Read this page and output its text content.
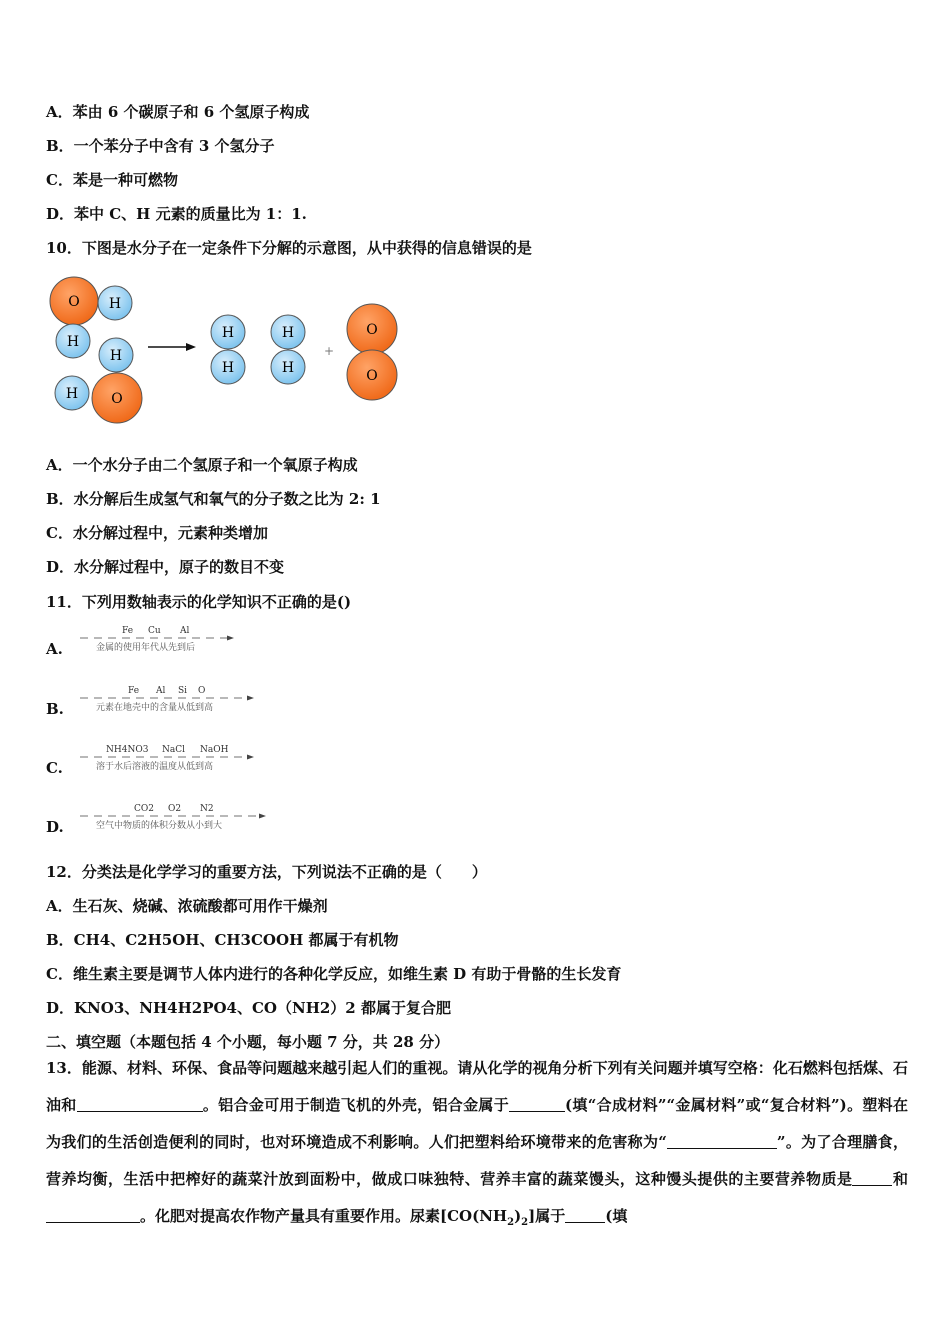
A．苯由 6 个碳原子和 6 个氢原子构成
B．一个苯分子中含有 3 个氢分子
C．苯是一种可燃物
D．苯中 C、H 元素的质量比为 1：1.
10．下图是水分子在一定条件下分解的示意图，从中获得的信息错误的是
O H
H
H
H O
H
H
H
H
+
O
O
A．一个水分子由二个氢原子和一个氧原子构成
B．水分解后生成氢气和氧气的分子数之比为 2: 1
C．水分解过程中，元素种类增加
D．水分解过程中，原子的数目不变
11．下列用数轴表示的化学知识不正确的是()
A.
Fe Cu Al
金属的使用年代从先到后
B.
Fe Al Si O
元素在地壳中的含量从低到高
C.
NH4NO3 NaCl NaOH
溶于水后溶液的温度从低到高
D.
CO2 O2 N2
空气中物质的体积分数从小到大
12．分类法是化学学习的重要方法，下列说法不正确的是（　　）
A．生石灰、烧碱、浓硫酸都可用作干燥剂
B．CH4、C2H5OH、CH3COOH 都属于有机物
C．维生素主要是调节人体内进行的各种化学反应，如维生素 D 有助于骨骼的生长发育
D．KNO3、NH4H2PO4、CO（NH2）2 都属于复合肥
二、填空题（本题包括 4 个小题，每小题 7 分，共 28 分）
13．能源、材料、环保、食品等问题越来越引起人们的重视。请从化学的视角分析下列有关问题并填写空格：化石燃料包括煤、石油和	。铝合金可用于制造飞机的外壳，铝合金属于	(填“合成材料”“金属材料”或“复合材料”)。塑料在为我们的生活创造便利的同时，也对环境造成不利影响。人们把塑料给环境带来的危害称为“	”。为了合理膳食，营养均衡，生活中把榨好的蔬菜汁放到面粉中，做成口味独特、营养丰富的蔬菜馒头，这种馒头提供的主要营养物质是	和。化肥对提高农作物产量具有重要作用。尿素$[CO(NH_2)_2]$属于	(填
